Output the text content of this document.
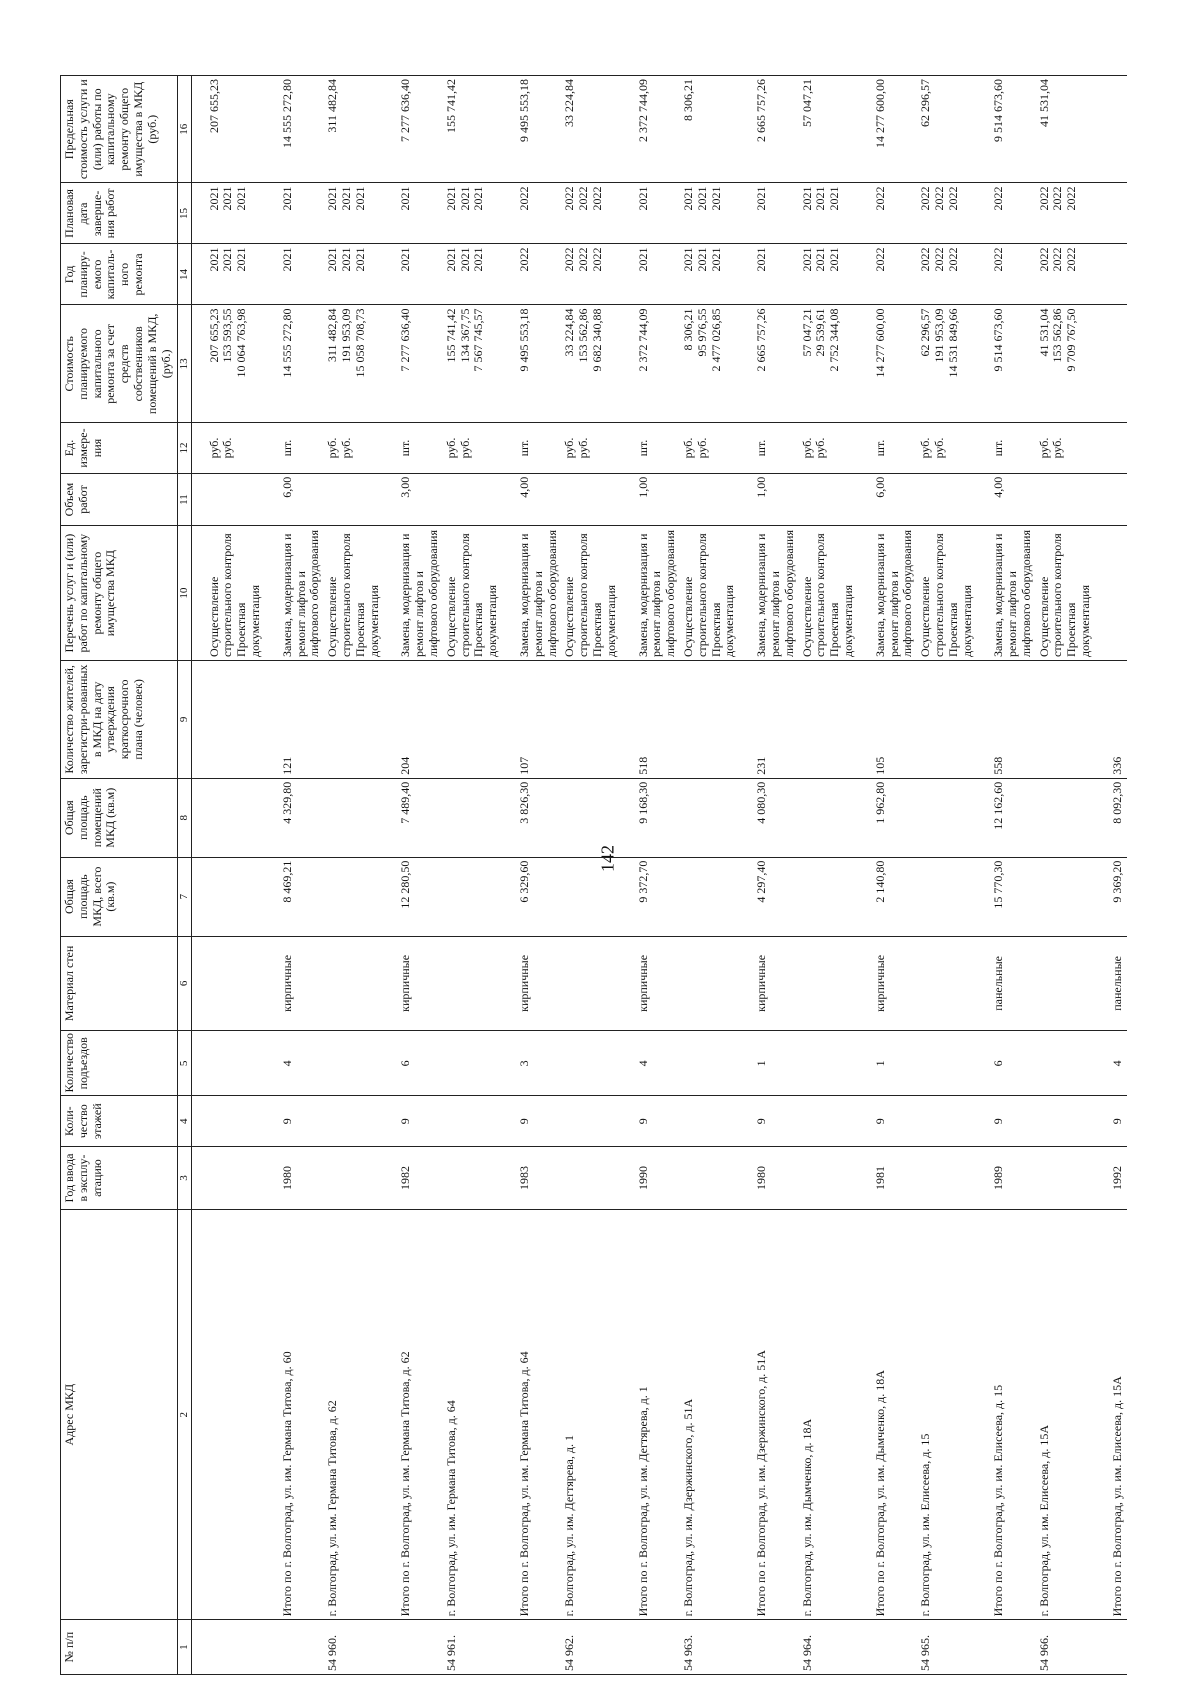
142
№ п/п	Адрес МКД	Год ввода в эксплу-атацию	Коли-чество этажей	Количество подъездов	Материал стен	Общая площадь МКД, всего (кв.м)	Общая площадь помещений МКД (кв.м)	Количество жителей, зарегистри-рованных в МКД на дату утверждения краткосрочного плана (человек)	Перечень услуг и (или) работ по капитальному ремонту общего имущества МКД	Объем работ	Ед. измере-ния	Стоимость планируемого капитального ремонта за счет средств собственников помещений в МКД, (руб.)	Год планиру-емого капиталь-ного ремонта	Плановая дата заверше-ния работ	Предельная стоимость услуги и (или) работы по капитальному ремонту общего имущества в МКД (руб.)
1	2	3	4	5	6	7	8	9	10	11	12	13	14	15	16

									Осуществление строительного контроля Проектная документация		руб. руб.	207 655,23 153 593,55 10 064 763,98	2021 2021 2021	2021 2021 2021	207 655,23

	Итого по г. Волгоград, ул. им. Германа Титова, д. 60	1980	9	4	кирпичные	8 469,21	4 329,80	121	Замена, модернизация и ремонт лифтов и лифтового оборудования	6,00	шт.	14 555 272,80	2021	2021	14 555 272,80
54 960.	г. Волгоград, ул. им. Германа Титова, д. 62								Осуществление строительного контроля Проектная документация		руб. руб.	311 482,84 191 953,09 15 058 708,73	2021 2021 2021	2021 2021 2021	311 482,84

	Итого по г. Волгоград, ул. им. Германа Титова, д. 62	1982	9	6	кирпичные	12 280,50	7 489,40	204	Замена, модернизация и ремонт лифтов и лифтового оборудования	3,00	шт.	7 277 636,40	2021	2021	7 277 636,40
54 961.	г. Волгоград, ул. им. Германа Титова, д. 64								Осуществление строительного контроля Проектная документация		руб. руб.	155 741,42 134 367,75 7 567 745,57	2021 2021 2021	2021 2021 2021	155 741,42

	Итого по г. Волгоград, ул. им. Германа Титова, д. 64	1983	9	3	кирпичные	6 329,60	3 826,30	107	Замена, модернизация и ремонт лифтов и лифтового оборудования	4,00	шт.	9 495 553,18	2022	2022	9 495 553,18
54 962.	г. Волгоград, ул. им. Дегтярева, д. 1								Осуществление строительного контроля Проектная документация		руб. руб.	33 224,84 153 562,86 9 682 340,88	2022 2022 2022	2022 2022 2022	33 224,84

	Итого по г. Волгоград, ул. им. Дегтярева, д. 1	1990	9	4	кирпичные	9 372,70	9 168,30	518	Замена, модернизация и ремонт лифтов и лифтового оборудования	1,00	шт.	2 372 744,09	2021	2021	2 372 744,09
54 963.	г. Волгоград, ул. им. Дзержинского, д. 51А								Осуществление строительного контроля Проектная документация		руб. руб.	8 306,21 95 976,55 2 477 026,85	2021 2021 2021	2021 2021 2021	8 306,21

	Итого по г. Волгоград, ул. им. Дзержинского, д. 51А	1980	9	1	кирпичные	4 297,40	4 080,30	231	Замена, модернизация и ремонт лифтов и лифтового оборудования	1,00	шт.	2 665 757,26	2021	2021	2 665 757,26
54 964.	г. Волгоград, ул. им. Дымченко, д. 18А								Осуществление строительного контроля Проектная документация		руб. руб.	57 047,21 29 539,61 2 752 344,08	2021 2021 2021	2021 2021 2021	57 047,21

	Итого по г. Волгоград, ул. им. Дымченко, д. 18А	1981	9	1	кирпичные	2 140,80	1 962,80	105	Замена, модернизация и ремонт лифтов и лифтового оборудования	6,00	шт.	14 277 600,00	2022	2022	14 277 600,00
54 965.	г. Волгоград, ул. им. Елисеева, д. 15								Осуществление строительного контроля Проектная документация		руб. руб.	62 296,57 191 953,09 14 531 849,66	2022 2022 2022	2022 2022 2022	62 296,57

	Итого по г. Волгоград, ул. им. Елисеева, д. 15	1989	9	6	панельные	15 770,30	12 162,60	558	Замена, модернизация и ремонт лифтов и лифтового оборудования	4,00	шт.	9 514 673,60	2022	2022	9 514 673,60
54 966.	г. Волгоград, ул. им. Елисеева, д. 15А								Осуществление строительного контроля Проектная документация		руб. руб.	41 531,04 153 562,86 9 709 767,50	2022 2022 2022	2022 2022 2022	41 531,04

	Итого по г. Волгоград, ул. им. Елисеева, д. 15А	1992	9	4	панельные	9 369,20	8 092,30	336							
